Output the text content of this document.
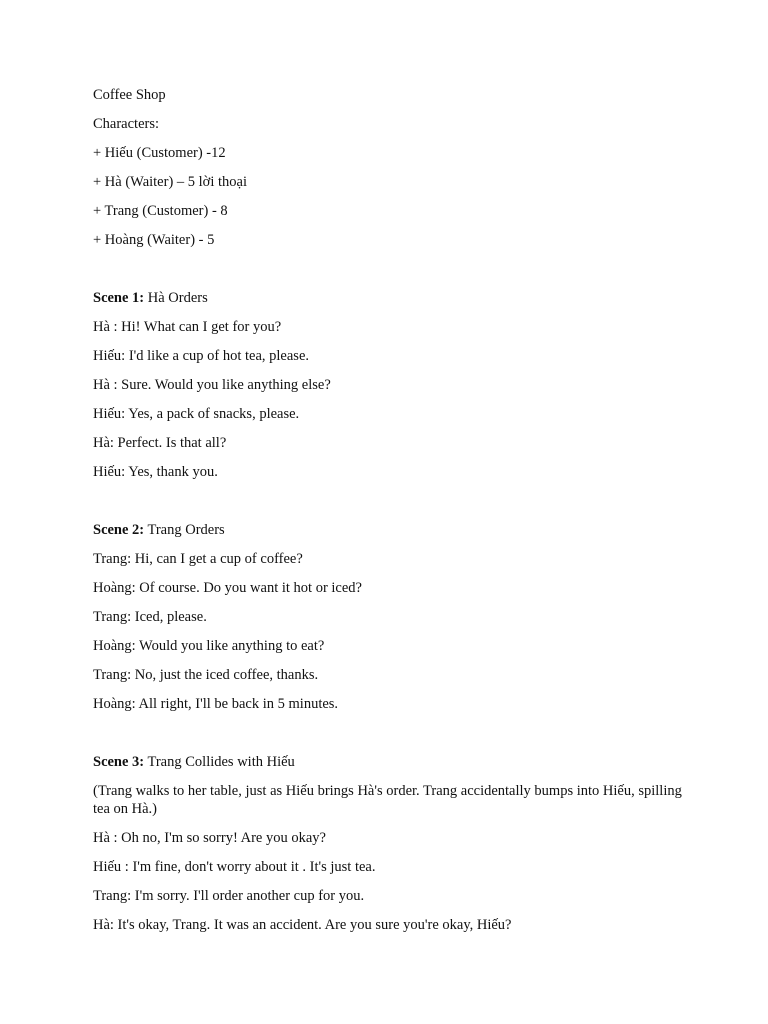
Coffee Shop
Characters:
+ Hiếu (Customer) -12
+ Hà (Waiter) – 5 lời thoại
+ Trang (Customer) - 8
+ Hoàng (Waiter) - 5
Scene 1: Hà Orders
Hà : Hi! What can I get for you?
Hiếu: I'd like a cup of hot tea, please.
Hà : Sure. Would you like anything else?
Hiếu: Yes, a pack of snacks, please.
Hà: Perfect. Is that all?
Hiếu: Yes, thank you.
Scene 2: Trang Orders
Trang: Hi, can I get a cup of coffee?
Hoàng: Of course. Do you want it hot or iced?
Trang: Iced, please.
Hoàng: Would you like anything to eat?
Trang: No, just the iced coffee, thanks.
Hoàng: All right, I'll be back in 5 minutes.
Scene 3: Trang Collides with Hiếu
(Trang walks to her table, just as Hiếu brings Hà's order. Trang accidentally bumps into Hiếu, spilling tea on Hà.)
Hà : Oh no, I'm so sorry! Are you okay?
Hiếu : I'm fine, don't worry about it . It's just tea.
Trang: I'm sorry. I'll order another cup for you.
Hà: It's okay, Trang. It was an accident. Are you sure you're okay, Hiếu?
